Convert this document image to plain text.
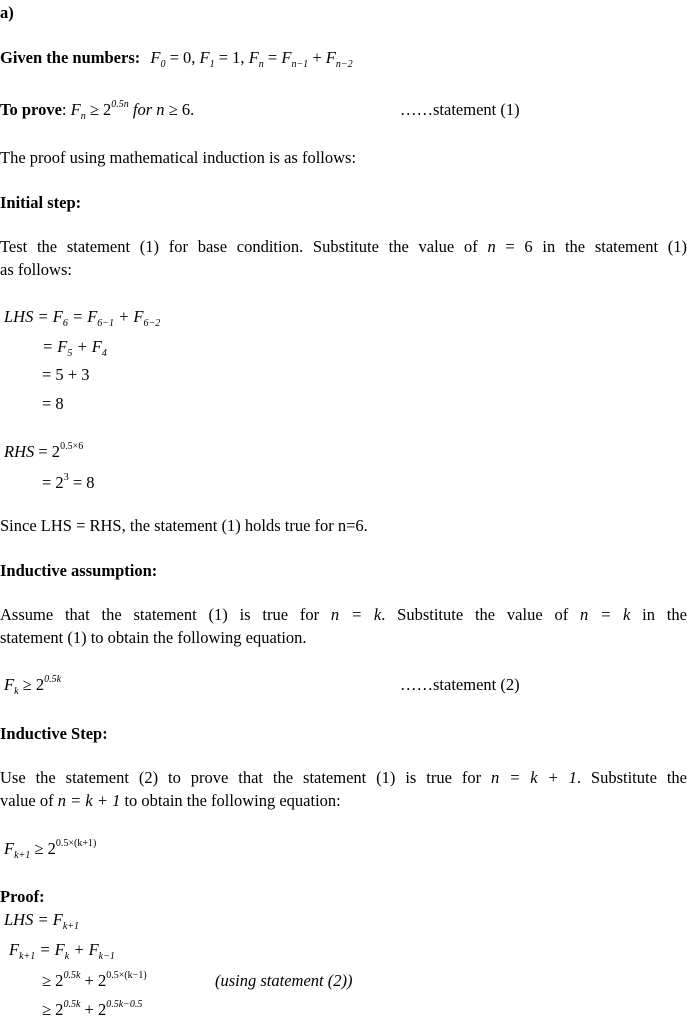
a)
Given the numbers: $F_0 = 0$, $F_1 = 1$, $F_n = F_{n-1} + F_{n-2}$
To prove: $F_n \ge 2^{0.5n}$ for n ≥ 6.	……statement (1)
The proof using mathematical induction is as follows:
Initial step:
Test the statement (1) for base condition. Substitute the value of n = 6 in the statement (1)
as follows:
LHS = $F_6 = F_{6-1} + F_{6-2}$
= $F_5 + F_4$
= 5 + 3
= 8
RHS = $2^{0.5\times 6}$
= $2^3 = 8$
Since LHS = RHS, the statement (1) holds true for n=6.
Inductive assumption:
Assume that the statement (1) is true for n = k. Substitute the value of n = k in the
statement (1) to obtain the following equation.
$F_k \ge 2^{0.5k}$	……statement (2)
Inductive Step:
Use the statement (2) to prove that the statement (1) is true for n = k + 1. Substitute the
value of n = k + 1 to obtain the following equation:
$F_{k+1} \ge 2^{0.5\times(k+1)}$
Proof:
LHS = $F_{k+1}$
$F_{k+1} = F_k + F_{k-1}$
≥ $2^{0.5k} + 2^{0.5\times(k-1)}$	(using statement (2))
≥ $2^{0.5k} + 2^{0.5k-0.5}$
